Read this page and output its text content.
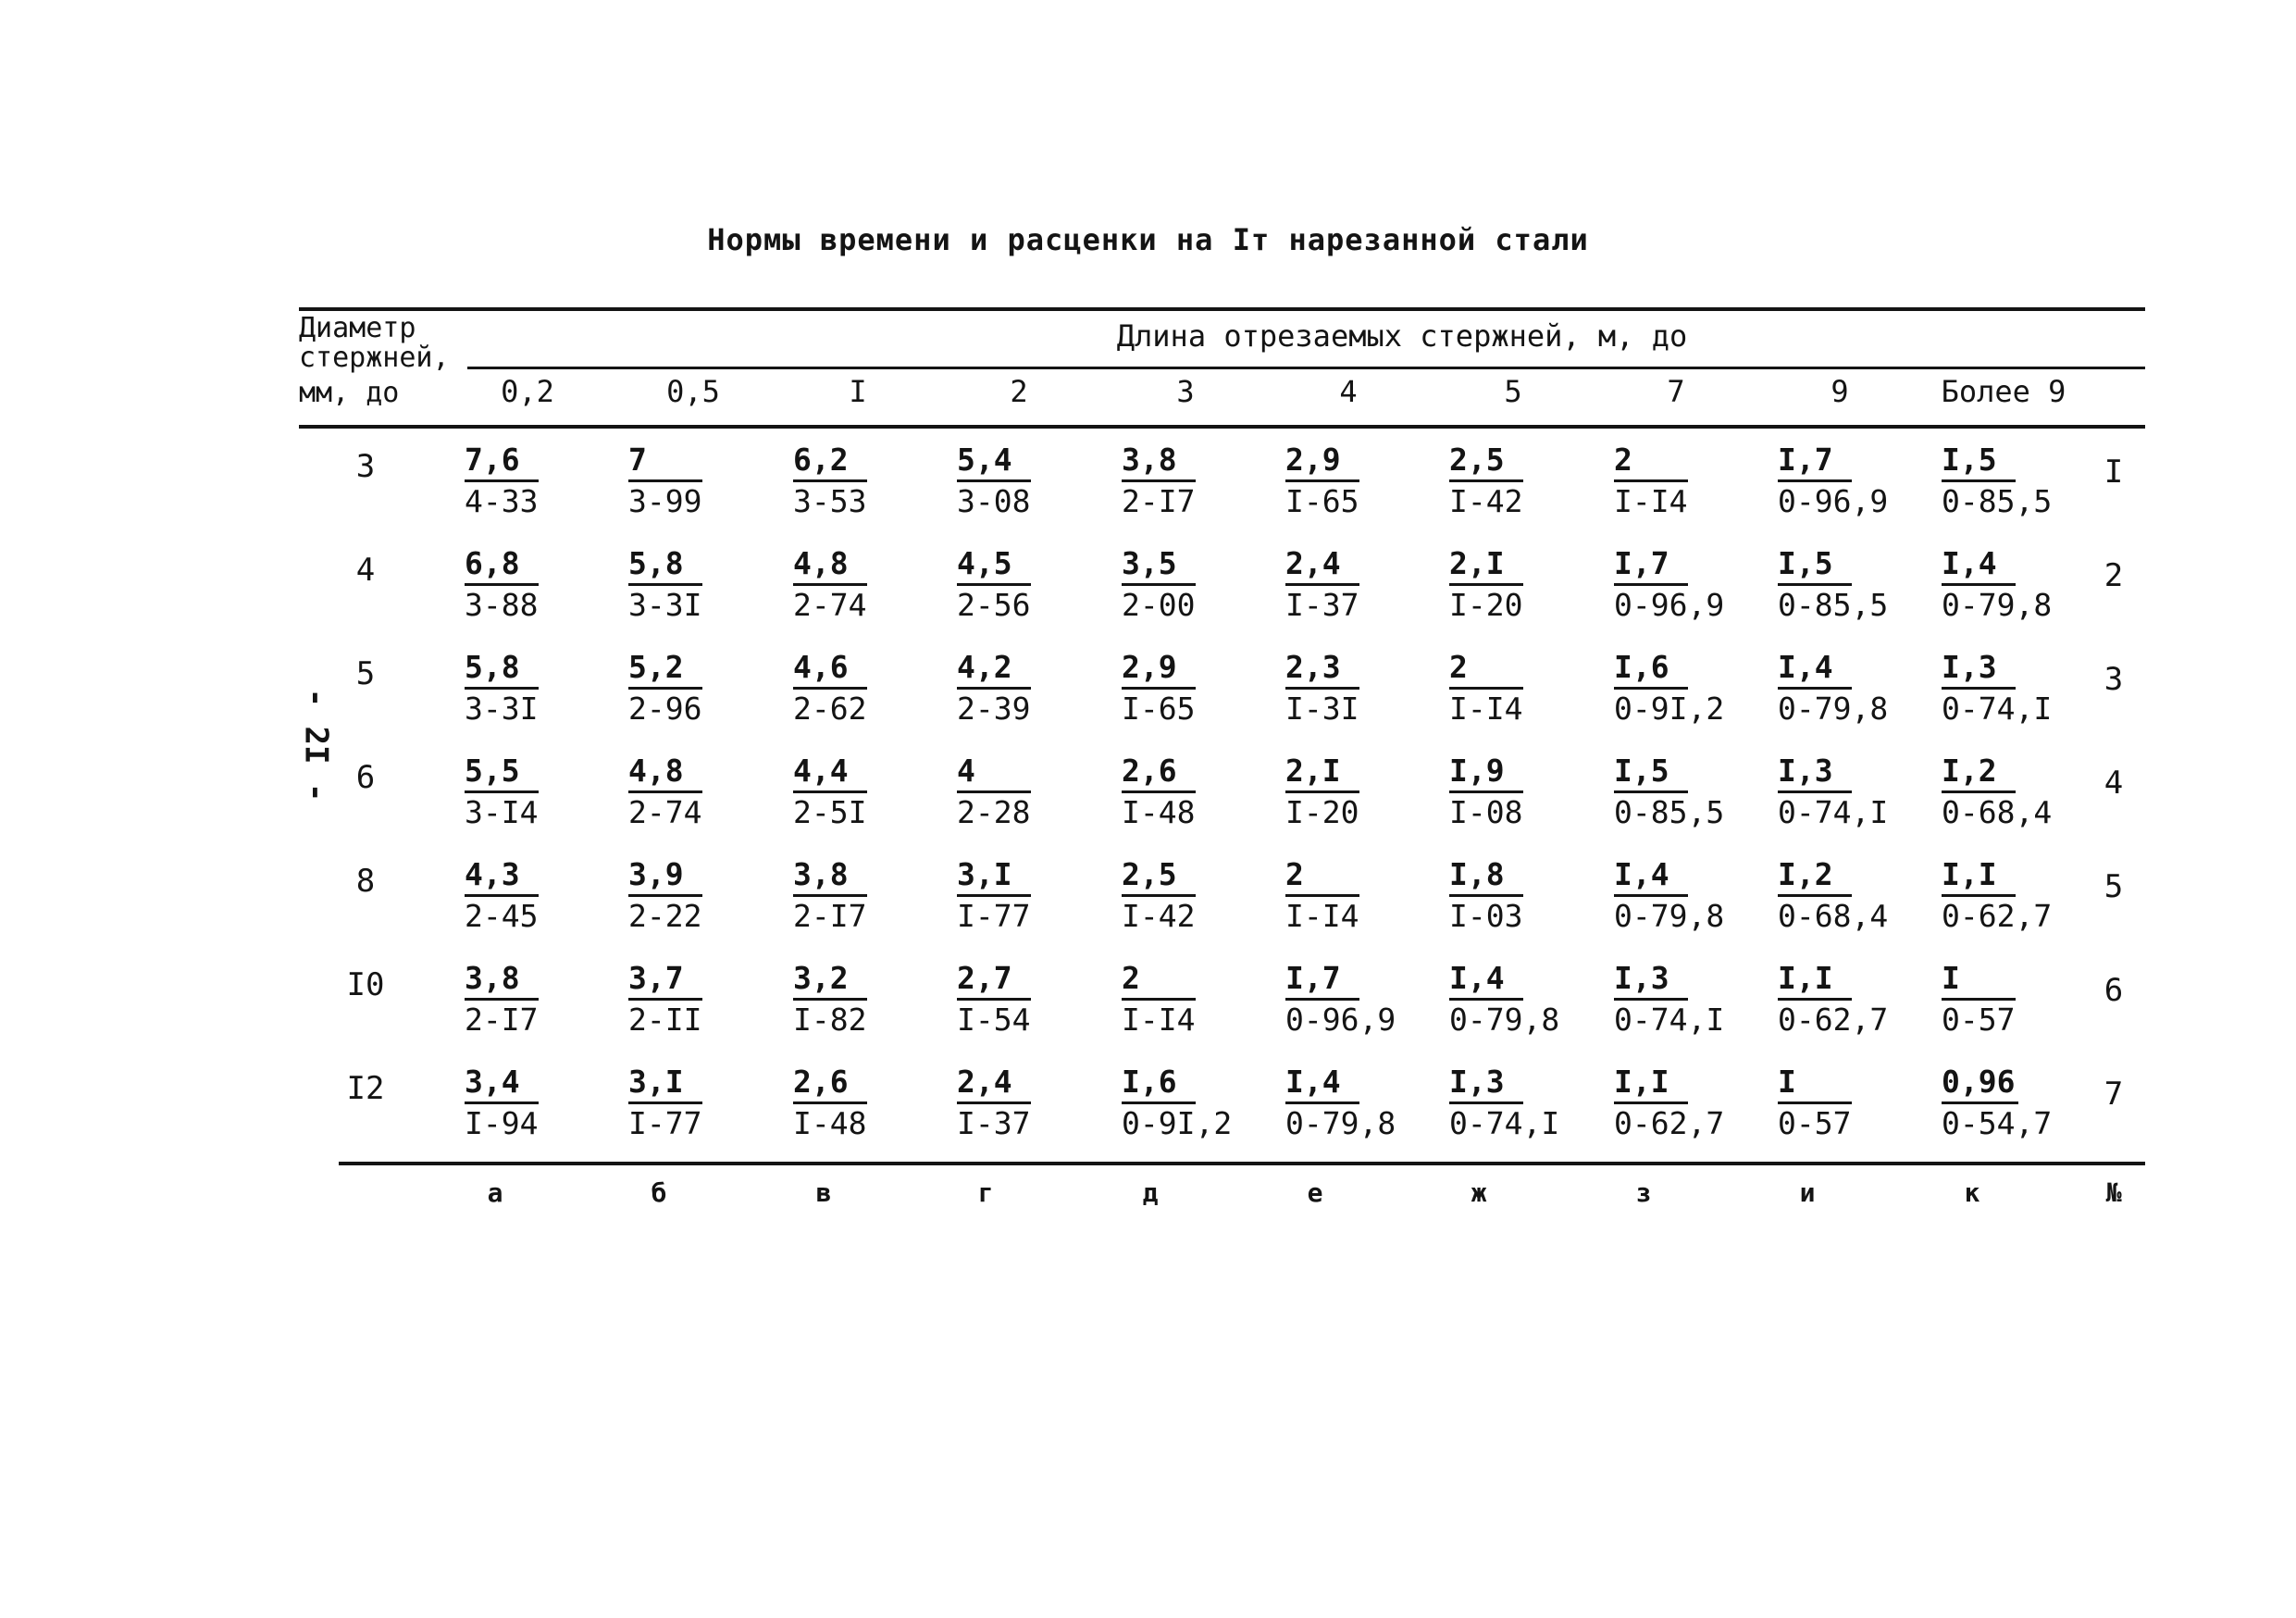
Нормы времени и расценки на Iт нарезанной стали
- 2I -
Диаметр
стержней,
мм, до
Длина отрезаемых стержней, м, до
0,2	0,5	I	2	3	4	5	7	9	Более 9
3	$\frac{7,6}{4-33} \frac{7}{3-99} \frac{6,2}{3-53} \frac{5,4}{3-08} \frac{3,8}{2-I7} \frac{2,9}{I-65} \frac{2,5}{I-42} \frac{2}{I-I4} \frac{I,7}{0-96,9} \frac{I,5}{0-85,5}$ I
4	$\frac{6,8}{3-88} \frac{5,8}{3-3I} \frac{4,8}{2-74} \frac{4,5}{2-56} \frac{3,5}{2-00} \frac{2,4}{I-37} \frac{2,I}{I-20} \frac{I,7}{0-96,9} \frac{I,5}{0-85,5} \frac{I,4}{0-79,8} 2$
5	$\frac{5,8}{3-3I} \frac{5,2}{2-96} \frac{4,6}{2-62} \frac{4,2}{2-39} \frac{2,9}{I-65} \frac{2,3}{I-3I} \frac{2}{I-I4} \frac{I,6}{0-9I,2} \frac{I,4}{0-79,8} \frac{I,3}{0-74,I} 3$
6	$\frac{5,5}{3-I4} \frac{4,8}{2-74} \frac{4,4}{2-5I} \frac{4}{2-28} \frac{2,6}{I-48} \frac{2,I}{I-20} \frac{I,9}{I-08} \frac{I,5}{0-85,5} \frac{I,3}{0-74,I} \frac{I,2}{0-68,4} 4$
8	$\frac{4,3}{2-45} \frac{3,9}{2-22} \frac{3,8}{2-I7} \frac{3,I}{I-77} \frac{2,5}{I-42} \frac{2}{I-I4} \frac{I,8}{I-03} \frac{I,4}{0-79,8} \frac{I,2}{0-68,4} \frac{I,I}{0-62,7} 5$
I0	$\frac{3,8}{2-I7} \frac{3,7}{2-II} \frac{3,2}{I-82} \frac{2,7}{I-54} \frac{2}{I-I4} \frac{I,7}{0-96,9} \frac{I,4}{0-79,8} \frac{I,3}{0-74,I} \frac{I,I}{0-62,7} \frac{I}{0-57} 6$
I2	$\frac{3,4}{I-94} \frac{3,I}{I-77} \frac{2,6}{I-48} \frac{2,4}{I-37} \frac{I,6}{0-9I,2} \frac{I,4}{0-79,8} \frac{I,3}{0-74,I} \frac{I,I}{0-62,7} \frac{I}{0-57} \frac{0,96}{0-54,7} 7$
а	б	в	г	д	е	ж	з	и	к	№
